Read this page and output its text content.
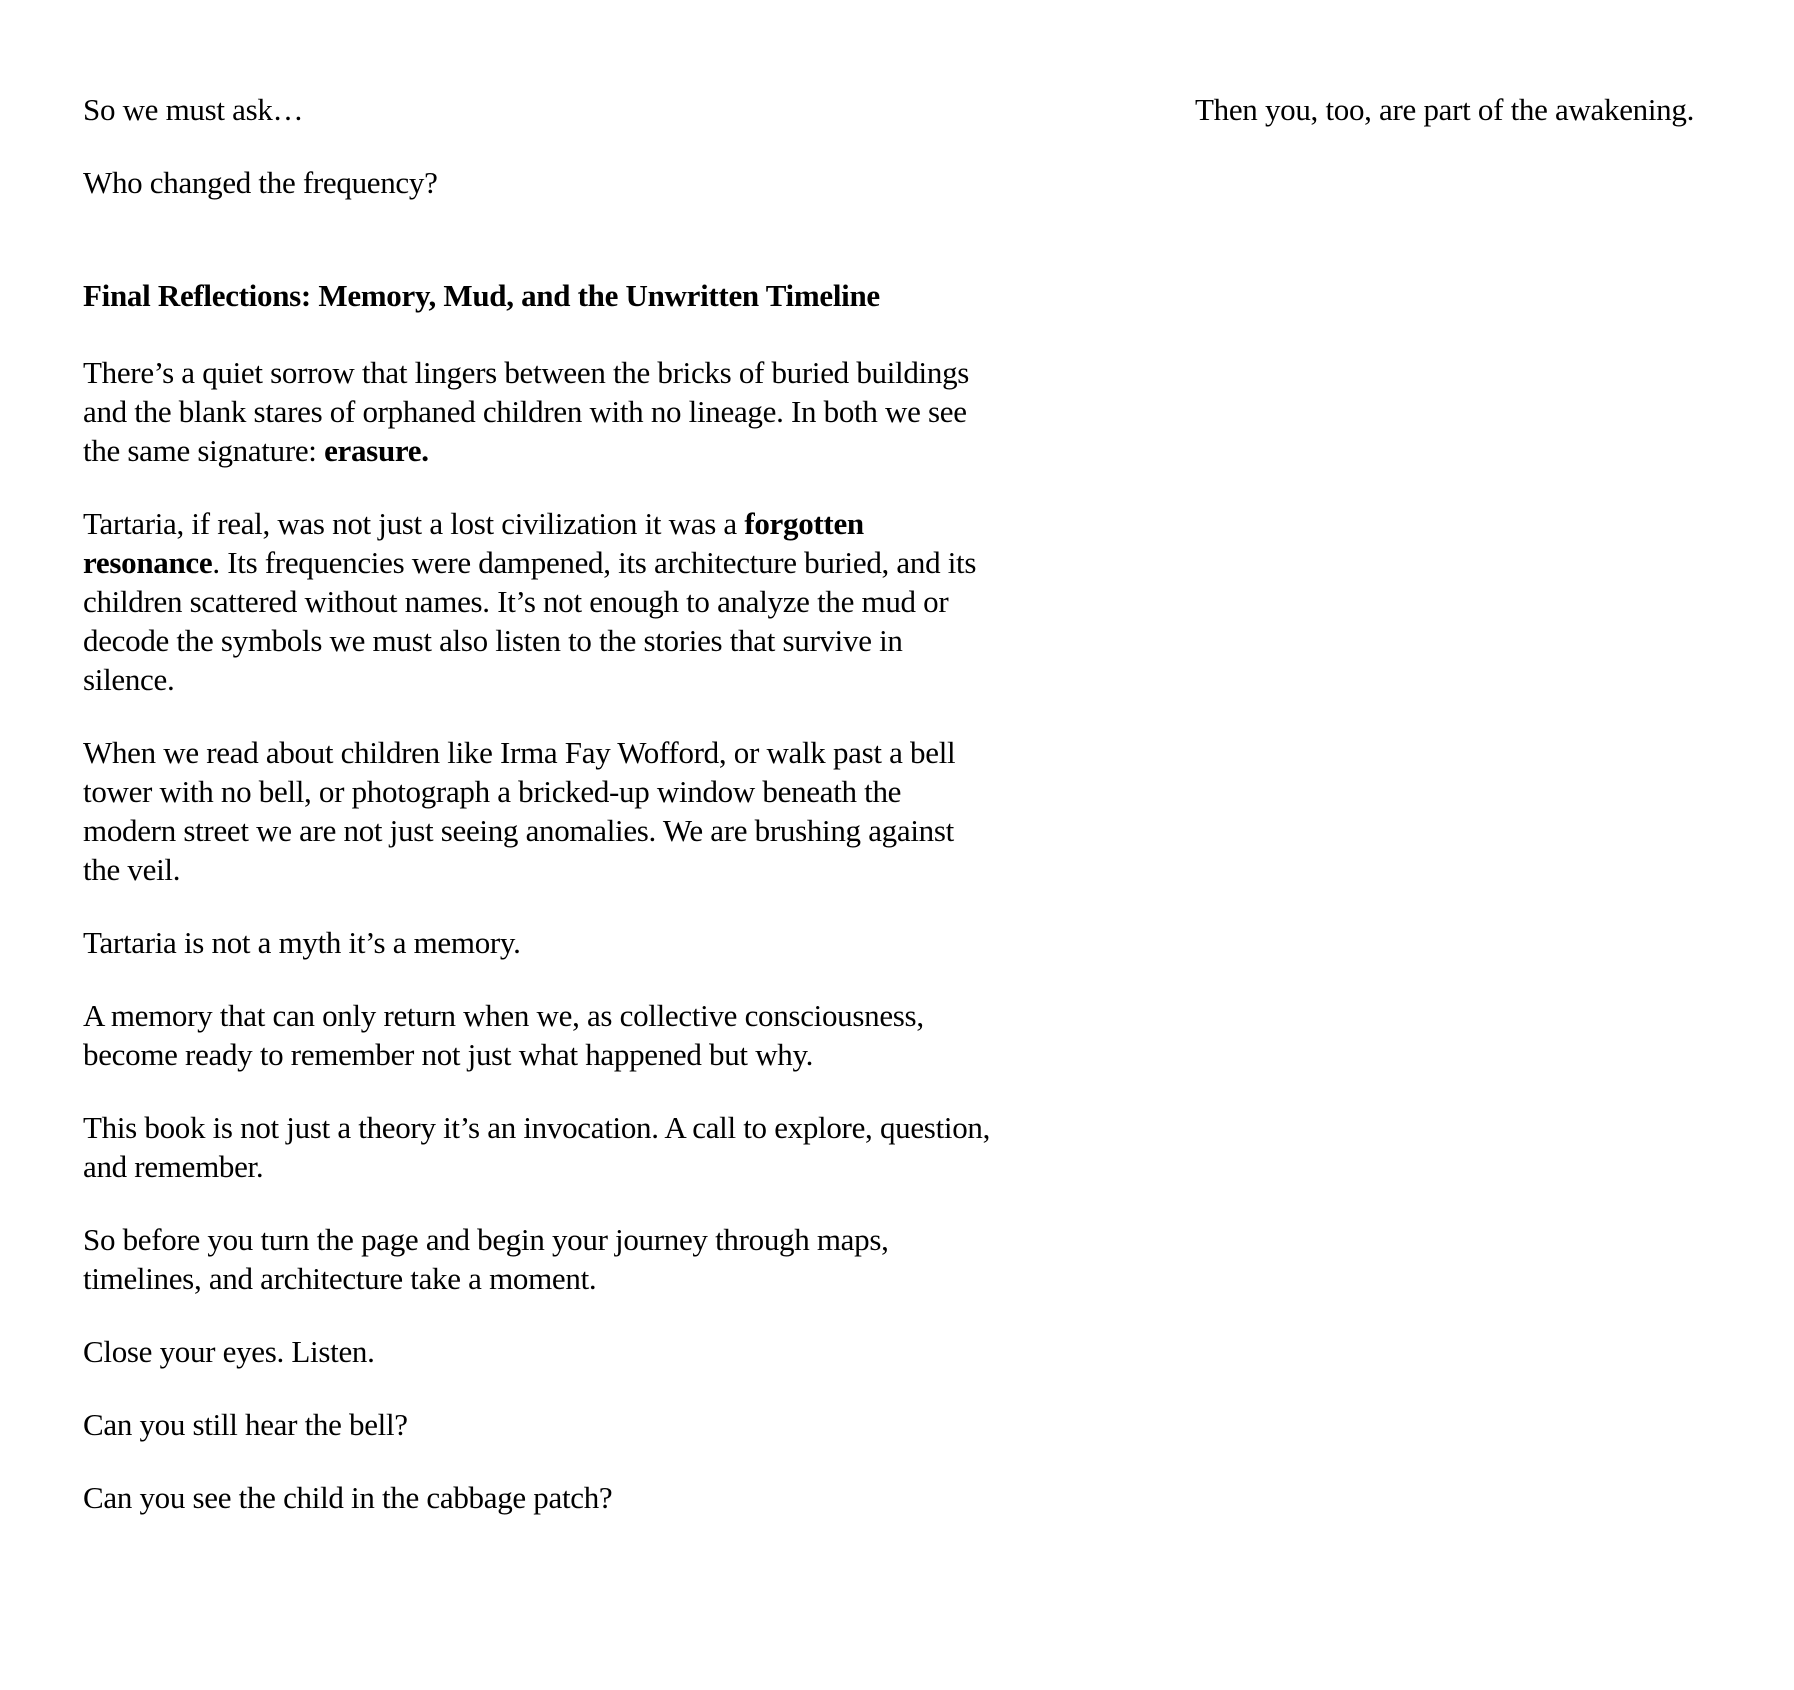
So we must ask…

Who changed the frequency?

Final Reflections: Memory, Mud, and the Unwritten Timeline

There’s a quiet sorrow that lingers between the bricks of buried buildings and the blank stares of orphaned children with no lineage. In both we see the same signature: erasure.

Tartaria, if real, was not just a lost civilization it was a forgotten resonance. Its frequencies were dampened, its architecture buried, and its children scattered without names. It’s not enough to analyze the mud or decode the symbols we must also listen to the stories that survive in silence.

When we read about children like Irma Fay Wofford, or walk past a bell tower with no bell, or photograph a bricked-up window beneath the modern street we are not just seeing anomalies. We are brushing against the veil.

Tartaria is not a myth it’s a memory.

A memory that can only return when we, as collective consciousness, become ready to remember not just what happened but why.

This book is not just a theory it’s an invocation. A call to explore, question, and remember.

So before you turn the page and begin your journey through maps, timelines, and architecture take a moment.

Close your eyes. Listen.

Can you still hear the bell?

Can you see the child in the cabbage patch?

Then you, too, are part of the awakening.
